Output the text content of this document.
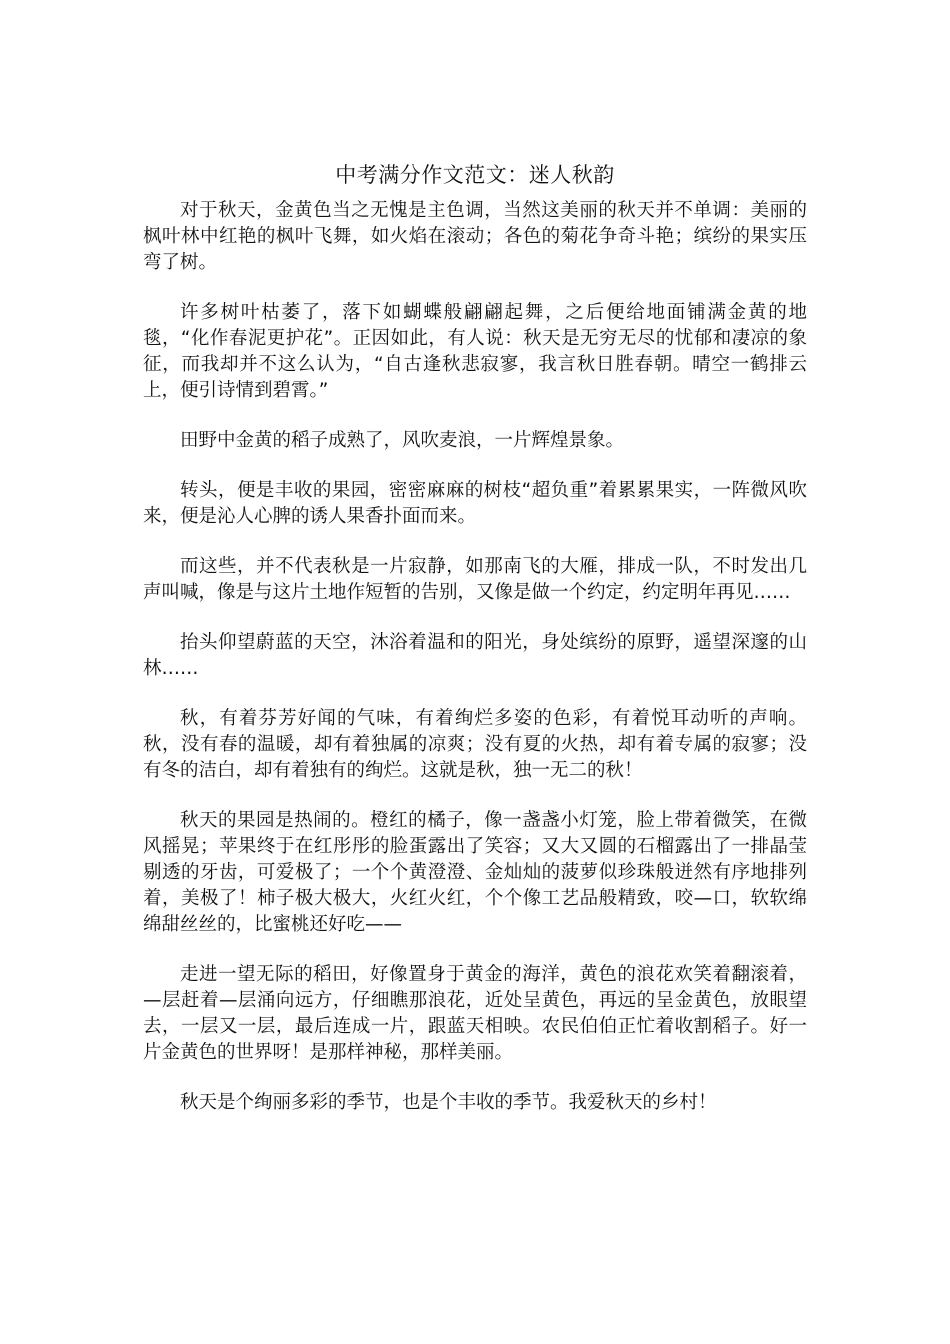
中考满分作文范文：迷人秋韵

对于秋天，金黄色当之无愧是主色调，当然这美丽的秋天并不单调：美丽的枫叶林中红艳的枫叶飞舞，如火焰在滚动；各色的菊花争奇斗艳；缤纷的果实压弯了树。

许多树叶枯萎了，落下如蝴蝶般翩翩起舞，之后便给地面铺满金黄的地毯，“化作春泥更护花”。正因如此，有人说：秋天是无穷无尽的忧郁和凄凉的象征，而我却并不这么认为，“自古逢秋悲寂寥，我言秋日胜春朝。晴空一鹤排云上，便引诗情到碧霄。”

田野中金黄的稻子成熟了，风吹麦浪，一片辉煌景象。

转头，便是丰收的果园，密密麻麻的树枝“超负重”着累累果实，一阵微风吹来，便是沁人心脾的诱人果香扑面而来。

而这些，并不代表秋是一片寂静，如那南飞的大雁，排成一队，不时发出几声叫喊，像是与这片土地作短暂的告别，又像是做一个约定，约定明年再见……

抬头仰望蔚蓝的天空，沐浴着温和的阳光，身处缤纷的原野，遥望深邃的山林……

秋，有着芬芳好闻的气味，有着绚烂多姿的色彩，有着悦耳动听的声响。秋，没有春的温暖，却有着独属的凉爽；没有夏的火热，却有着专属的寂寥；没有冬的洁白，却有着独有的绚烂。这就是秋，独一无二的秋！

秋天的果园是热闹的。橙红的橘子，像一盏盏小灯笼，脸上带着微笑，在微风摇晃；苹果终于在红彤彤的脸蛋露出了笑容；又大又圆的石榴露出了一排晶莹剔透的牙齿，可爱极了；一个个黄澄澄、金灿灿的菠萝似珍珠般迸然有序地排列着，美极了！柿子极大极大，火红火红，个个像工艺品般精致，咬—口，软软绵绵甜丝丝的，比蜜桃还好吃——

走进一望无际的稻田，好像置身于黄金的海洋，黄色的浪花欢笑着翻滚着，—层赶着—层涌向远方，仔细瞧那浪花，近处呈黄色，再远的呈金黄色，放眼望去，一层又一层，最后连成一片，跟蓝天相映。农民伯伯正忙着收割稻子。好一片金黄色的世界呀！是那样神秘，那样美丽。

秋天是个绚丽多彩的季节，也是个丰收的季节。我爱秋天的乡村！
